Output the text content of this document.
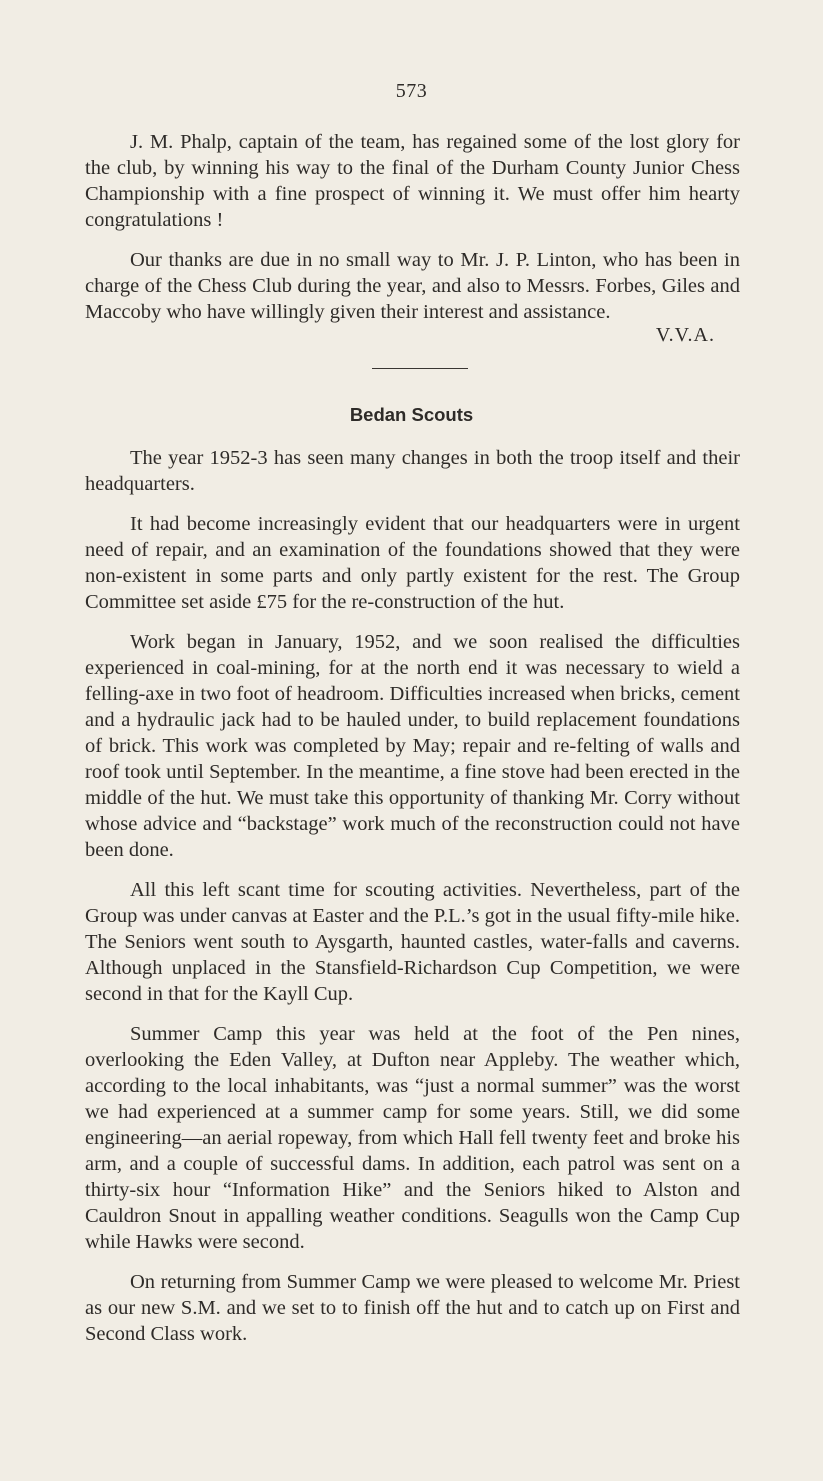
573

J. M. Phalp, captain of the team, has regained some of the lost glory for the club, by winning his way to the final of the Durham County Junior Chess Championship with a fine prospect of winning it. We must offer him hearty congratulations !

Our thanks are due in no small way to Mr. J. P. Linton, who has been in charge of the Chess Club during the year, and also to Messrs. Forbes, Giles and Maccoby who have willingly given their interest and assistance.

V.V.A.
Bedan Scouts

The year 1952-3 has seen many changes in both the troop itself and their headquarters.

It had become increasingly evident that our headquarters were in urgent need of repair, and an examination of the foundations showed that they were non-existent in some parts and only partly existent for the rest. The Group Committee set aside £75 for the re-construction of the hut.

Work began in January, 1952, and we soon realised the difficulties experienced in coal-mining, for at the north end it was necessary to wield a felling-axe in two foot of headroom. Difficulties increased when bricks, cement and a hydraulic jack had to be hauled under, to build replacement foundations of brick. This work was completed by May; repair and re-felting of walls and roof took until September. In the meantime, a fine stove had been erected in the middle of the hut. We must take this opportunity of thanking Mr. Corry without whose advice and “backstage” work much of the reconstruction could not have been done.

All this left scant time for scouting activities. Nevertheless, part of the Group was under canvas at Easter and the P.L.’s got in the usual fifty-mile hike. The Seniors went south to Aysgarth, haunted castles, water-falls and caverns. Although unplaced in the Stansfield-Richardson Cup Competition, we were second in that for the Kayll Cup.

Summer Camp this year was held at the foot of the Pen nines, overlooking the Eden Valley, at Dufton near Appleby. The weather which, according to the local inhabitants, was “just a normal summer” was the worst we had experienced at a summer camp for some years. Still, we did some engineering—an aerial ropeway, from which Hall fell twenty feet and broke his arm, and a couple of successful dams. In addition, each patrol was sent on a thirty-six hour “Information Hike” and the Seniors hiked to Alston and Cauldron Snout in appalling weather conditions. Seagulls won the Camp Cup while Hawks were second.

On returning from Summer Camp we were pleased to welcome Mr. Priest as our new S.M. and we set to to finish off the hut and to catch up on First and Second Class work.
